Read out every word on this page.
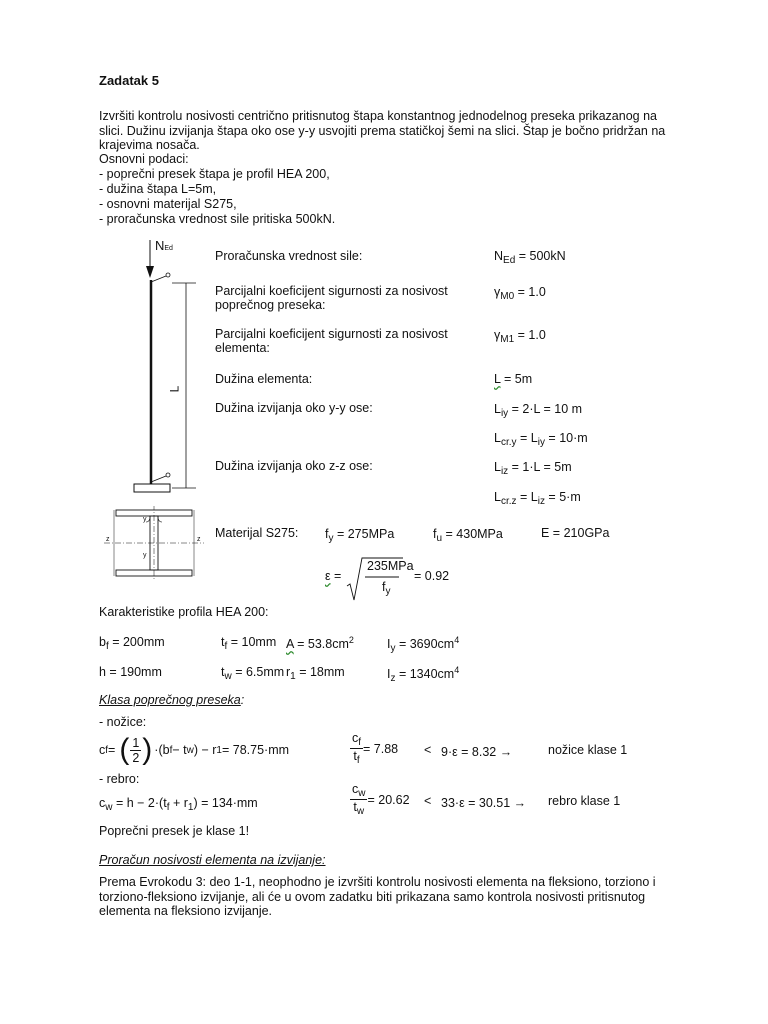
Zadatak 5
Izvršiti kontrolu nosivosti centrično pritisnutog štapa konstantnog jednodelnog preseka prikazanog na slici. Dužinu izvijanja štapa oko ose y-y usvojiti prema statičkoj šemi na slici. Štap je bočno pridržan na krajevima nosača.
Osnovni podaci:
- poprečni presek štapa je profil HEA 200,
- dužina štapa L=5m,
- osnovni materijal S275,
- proračunska vrednost sile pritiska 500kN.
NEd
L
y
y
z	z
Proračunska vrednost sile:	$N_{Ed} = 500kN$
Parcijalni koeficijent sigurnosti za nosivost
poprečnog preseka:
$\gamma_{M0} = 1.0$
Parcijalni koeficijent sigurnosti za nosivost
elementa:
$\gamma_{M1} = 1.0$
Dužina elementa:	L = 5m
Dužina izvijanja oko y-y ose:	$L_{iy} = 2\cdot L = 10$ m
$L_{cr.y} = L_{iy} = 10\cdot m$
Dužina izvijanja oko z-z ose:	$L_{iz} = 1\cdot L = 5m$
$L_{cr.z} = L_{iz} = 5\cdot m$
Materijal S275: $f_y = 275MPa$	$f_u = 430MPa$	E = 210GPa
ε =
235MPa
$f_y$
= 0.92
Karakteristike profila HEA 200:
$b_f = 200mm$	$t_f = 10mm$ $A = 53.8cm^2$	$I_y = 3690cm^4$
h = 190mm	$t_w = 6.5mm$ $r_1 = 18mm$	$I_z = 1340cm^4$
Klasa poprečnog preseka:
- nožice:
c f = ( $\frac{1}{2}$ ) ·(b f − t w ) − r 1 = 78.75·mm	$\frac{c_f}{t_f} = 7.88 < 9\cdot\varepsilon = 8.32$ →	nožice klase 1
- rebro:
$c_w = h - 2\cdot(t_f + r_1) = 134\cdot mm$	$\frac{c_w}{t_w} = 20.62 < 33\cdot\varepsilon = 30.51$ → rebro klase 1
Poprečni presek je klase 1!
Proračun nosivosti elementa na izvijanje:
Prema Evrokodu 3: deo 1-1, neophodno je izvršiti kontrolu nosivosti elementa na fleksiono, torziono i torziono-fleksiono izvijanje, ali će u ovom zadatku biti prikazana samo kontrola nosivosti pritisnutog elementa na fleksiono izvijanje.
